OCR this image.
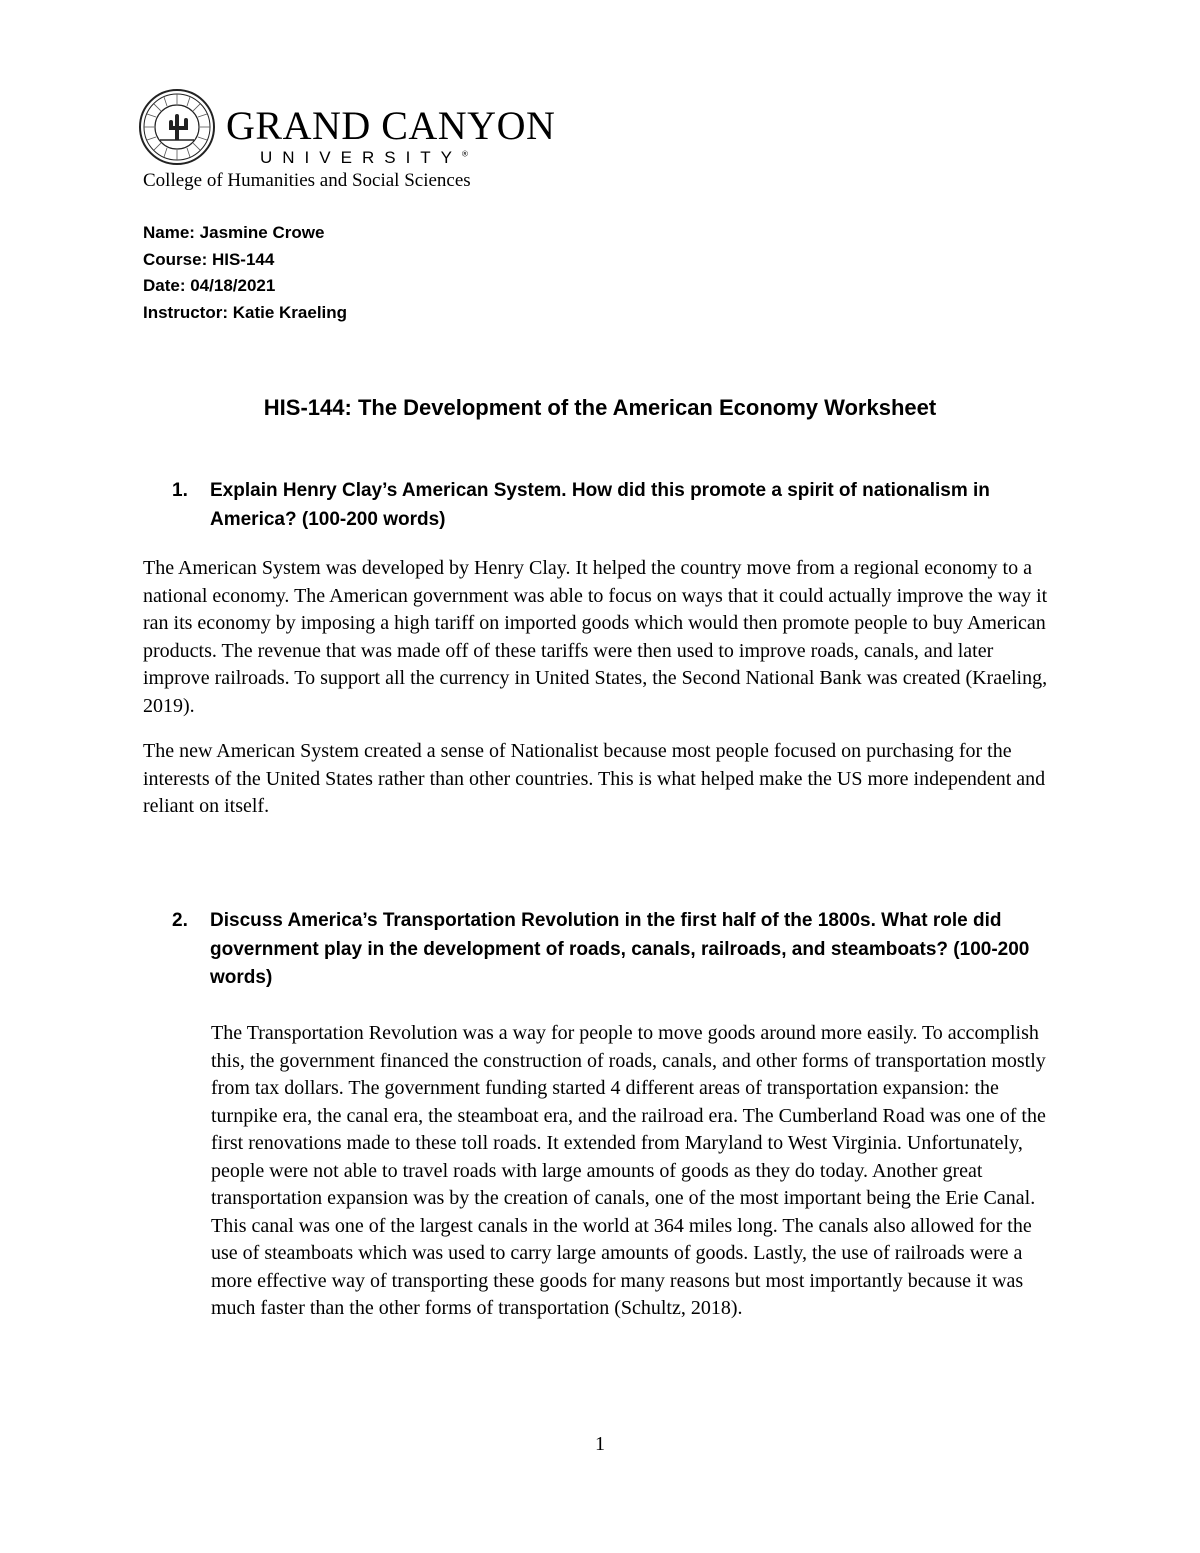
GRAND CANYON
UNIVERSITY®
College of Humanities and Social Sciences
Name: Jasmine Crowe
Course: HIS-144
Date: 04/18/2021
Instructor: Katie Kraeling
HIS-144: The Development of the American Economy Worksheet
1. Explain Henry Clay’s American System. How did this promote a spirit of nationalism in America? (100-200 words)
The American System was developed by Henry Clay. It helped the country move from a regional economy to a national economy. The American government was able to focus on ways that it could actually improve the way it ran its economy by imposing a high tariff on imported goods which would then promote people to buy American products. The revenue that was made off of these tariffs were then used to improve roads, canals, and later improve railroads. To support all the currency in United States, the Second National Bank was created (Kraeling, 2019).
The new American System created a sense of Nationalist because most people focused on purchasing for the interests of the United States rather than other countries. This is what helped make the US more independent and reliant on itself.
2. Discuss America’s Transportation Revolution in the first half of the 1800s. What role did government play in the development of roads, canals, railroads, and steamboats? (100-200 words)
The Transportation Revolution was a way for people to move goods around more easily. To accomplish this, the government financed the construction of roads, canals, and other forms of transportation mostly from tax dollars. The government funding started 4 different areas of transportation expansion: the turnpike era, the canal era, the steamboat era, and the railroad era. The Cumberland Road was one of the first renovations made to these toll roads. It extended from Maryland to West Virginia. Unfortunately, people were not able to travel roads with large amounts of goods as they do today. Another great transportation expansion was by the creation of canals, one of the most important being the Erie Canal. This canal was one of the largest canals in the world at 364 miles long. The canals also allowed for the use of steamboats which was used to carry large amounts of goods. Lastly, the use of railroads were a more effective way of transporting these goods for many reasons but most importantly because it was much faster than the other forms of transportation (Schultz, 2018).
1
